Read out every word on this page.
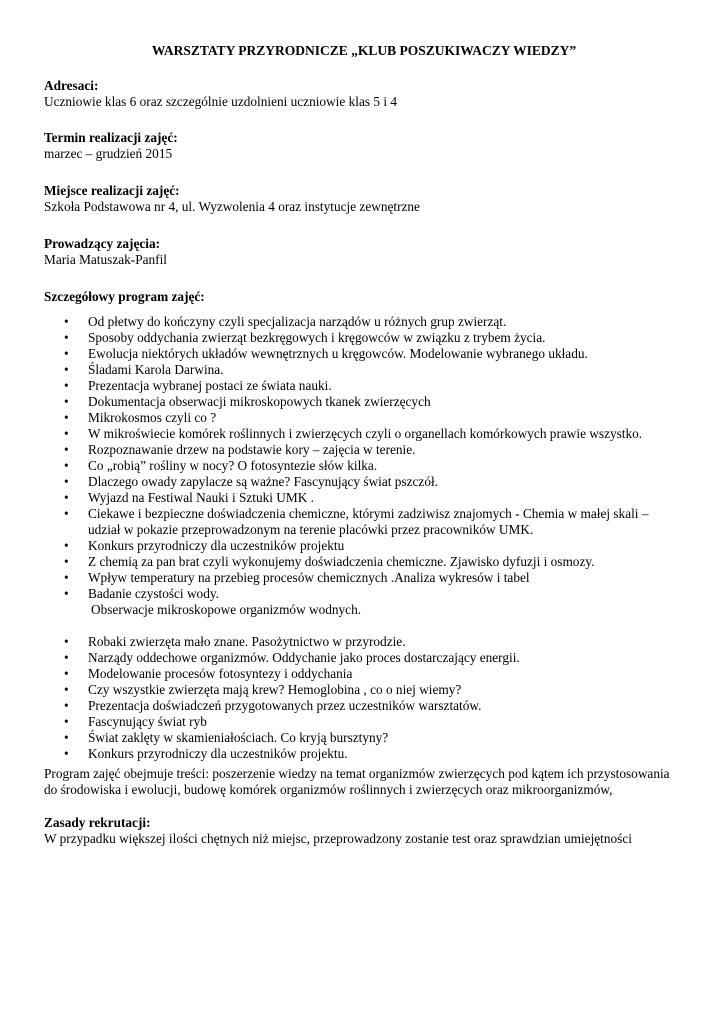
WARSZTATY PRZYRODNICZE „KLUB POSZUKIWACZY WIEDZY”

Adresaci:

Uczniowie klas 6 oraz szczególnie uzdolnieni uczniowie klas 5 i 4

Termin realizacji zajęć:

marzec – grudzień 2015

Miejsce realizacji zajęć:

Szkoła Podstawowa nr 4, ul. Wyzwolenia 4 oraz instytucje zewnętrzne

Prowadzący zajęcia:

Maria Matuszak-Panfil

Szczegółowy program zajęć:

• Od płetwy do kończyny czyli specjalizacja narządów u różnych grup zwierząt.
• Sposoby oddychania zwierząt bezkręgowych i kręgowców w związku z trybem życia.
• Ewolucja niektórych układów wewnętrznych u kręgowców. Modelowanie wybranego układu.
• Śladami Karola Darwina.
• Prezentacja wybranej postaci ze świata nauki.
• Dokumentacja obserwacji mikroskopowych tkanek zwierzęcych
• Mikrokosmos czyli co ?
• W mikroświecie komórek roślinnych i zwierzęcych czyli o organellach komórkowych prawie wszystko.
• Rozpoznawanie drzew na podstawie kory – zajęcia w terenie.
• Co „robią” rośliny w nocy? O fotosyntezie słów kilka.
• Dlaczego owady zapylacze są ważne? Fascynujący świat pszczół.
• Wyjazd na Festiwal Nauki i Sztuki UMK .
• Ciekawe i bezpieczne doświadczenia chemiczne, którymi zadziwisz znajomych - Chemia w małej skali –
udział w pokazie przeprowadzonym na terenie placówki przez pracowników UMK.
• Konkurs przyrodniczy dla uczestników projektu
• Z chemią za pan brat czyli wykonujemy doświadczenia chemiczne. Zjawisko dyfuzji i osmozy.
• Wpływ temperatury na przebieg procesów chemicznych .Analiza wykresów i tabel
• Badanie czystości wody.
Obserwacje mikroskopowe organizmów wodnych.
• Robaki zwierzęta mało znane. Pasożytnictwo w przyrodzie.
• Narządy oddechowe organizmów. Oddychanie jako proces dostarczający energii.
• Modelowanie procesów fotosyntezy i oddychania
• Czy wszystkie zwierzęta mają krew? Hemoglobina , co o niej wiemy?
• Prezentacja doświadczeń przygotowanych przez uczestników warsztatów.
• Fascynujący świat ryb
• Świat zaklęty w skamieniałościach. Co kryją bursztyny?
• Konkurs przyrodniczy dla uczestników projektu.

Program zajęć obejmuje treści: poszerzenie wiedzy na temat organizmów zwierzęcych pod kątem ich przystosowania

do środowiska i ewolucji, budowę komórek organizmów roślinnych i zwierzęcych oraz mikroorganizmów,

Zasady rekrutacji:

W przypadku większej ilości chętnych niż miejsc, przeprowadzony zostanie test oraz sprawdzian umiejętności
